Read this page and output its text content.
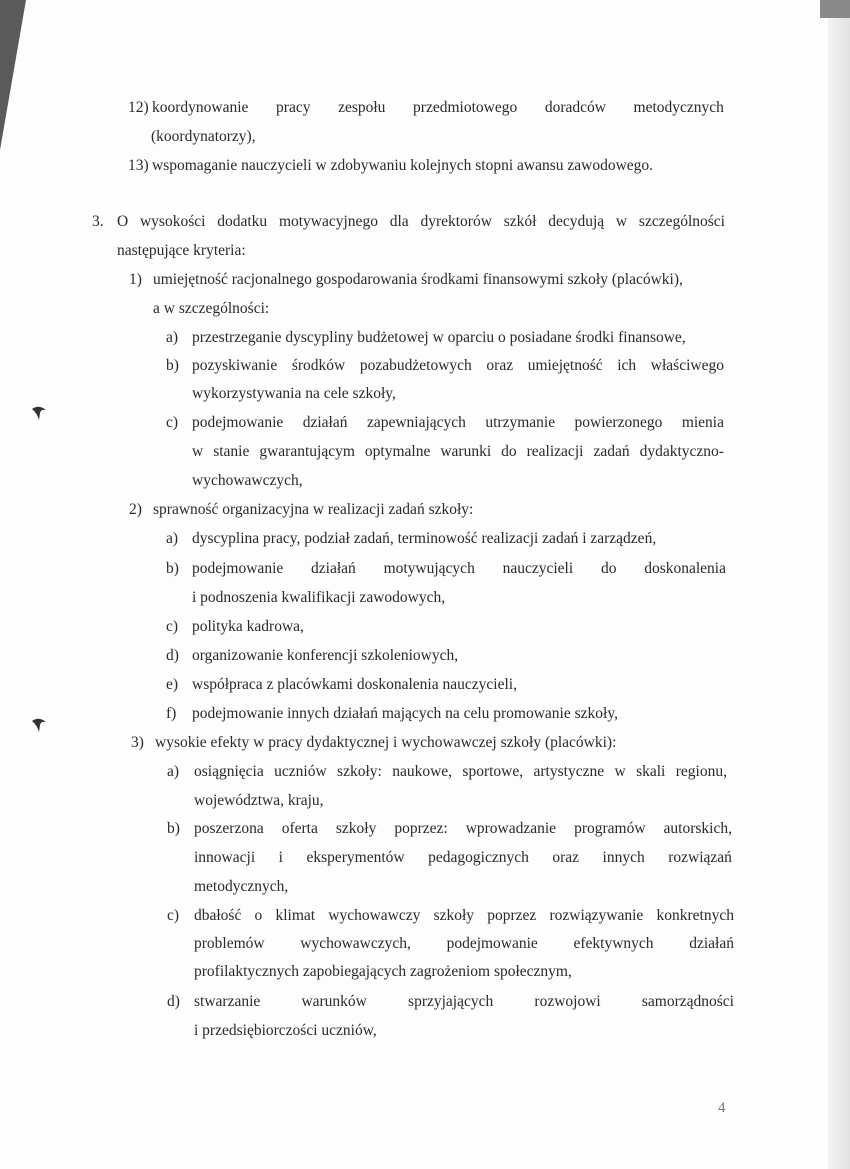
12) koordynowanie pracy zespołu przedmiotowego doradców metodycznych
(koordynatorzy),
13) wspomaganie nauczycieli w zdobywaniu kolejnych stopni awansu zawodowego.
3. O wysokości dodatku motywacyjnego dla dyrektorów szkół decydują w szczególności
następujące kryteria:
1) umiejętność racjonalnego gospodarowania środkami finansowymi szkoły (placówki),
a w szczególności:
a) przestrzeganie dyscypliny budżetowej w oparciu o posiadane środki finansowe,
b) pozyskiwanie środków pozabudżetowych oraz umiejętność ich właściwego
wykorzystywania na cele szkoły,
c) podejmowanie działań zapewniających utrzymanie powierzonego mienia
w stanie gwarantującym optymalne warunki do realizacji zadań dydaktyczno-
wychowawczych,
2) sprawność organizacyjna w realizacji zadań szkoły:
a) dyscyplina pracy, podział zadań, terminowość realizacji zadań i zarządzeń,
b) podejmowanie działań motywujących nauczycieli do doskonalenia
i podnoszenia kwalifikacji zawodowych,
c) polityka kadrowa,
d) organizowanie konferencji szkoleniowych,
e) współpraca z placówkami doskonalenia nauczycieli,
f) podejmowanie innych działań mających na celu promowanie szkoły,
3) wysokie efekty w pracy dydaktycznej i wychowawczej szkoły (placówki):
a) osiągnięcia uczniów szkoły: naukowe, sportowe, artystyczne w skali regionu,
województwa, kraju,
b) poszerzona oferta szkoły poprzez: wprowadzanie programów autorskich,
innowacji i eksperymentów pedagogicznych oraz innych rozwiązań
metodycznych,
c) dbałość o klimat wychowawczy szkoły poprzez rozwiązywanie konkretnych
problemów wychowawczych, podejmowanie efektywnych działań
profilaktycznych zapobiegających zagrożeniom społecznym,
d) stwarzanie	warunków	sprzyjających	rozwojowi	samorządności
i przedsiębiorczości uczniów,
4
